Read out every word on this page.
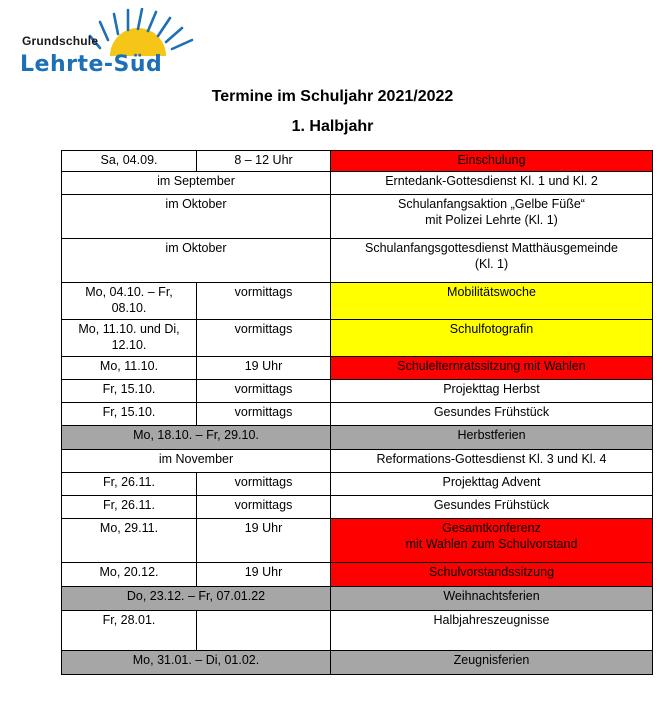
Grundschule
Lehrte-Süd
Termine im Schuljahr 2021/2022
1. Halbjahr
Sa, 04.09.	8 – 12 Uhr	Einschulung
im September		Erntedank-Gottesdienst Kl. 1 und Kl. 2
im Oktober		Schulanfangsaktion „Gelbe Füße“
mit Polizei Lehrte (Kl. 1)
im Oktober		Schulanfangsgottesdienst Matthäusgemeinde
(Kl. 1)
Mo, 04.10. – Fr,
08.10.	vormittags	Mobilitätswoche
Mo, 11.10. und Di,
12.10.	vormittags	Schulfotografin
Mo, 11.10.	19 Uhr	Schulelternratssitzung mit Wahlen
Fr, 15.10.	vormittags	Projekttag Herbst
Fr, 15.10.	vormittags	Gesundes Frühstück
Mo, 18.10. – Fr, 29.10.		Herbstferien
im November		Reformations-Gottesdienst Kl. 3 und Kl. 4
Fr, 26.11.	vormittags	Projekttag Advent
Fr, 26.11.	vormittags	Gesundes Frühstück
Mo, 29.11.	19 Uhr	Gesamtkonferenz
mit Wahlen zum Schulvorstand
Mo, 20.12.	19 Uhr	Schulvorstandssitzung
Do, 23.12. – Fr, 07.01.22		Weihnachtsferien
Fr, 28.01.		Halbjahreszeugnisse
Mo, 31.01. – Di, 01.02.		Zeugnisferien
